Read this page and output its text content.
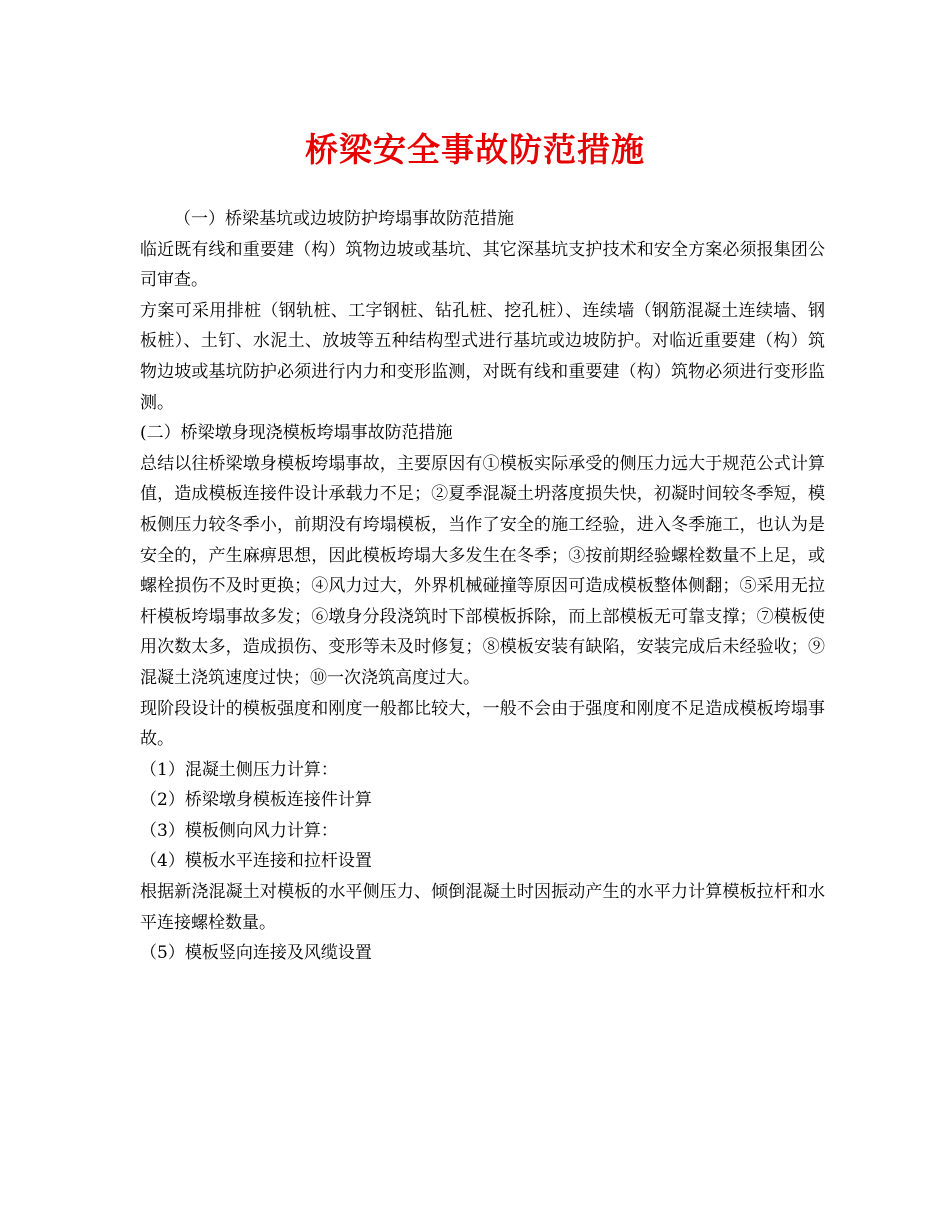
桥梁安全事故防范措施

（一）桥梁基坑或边坡防护垮塌事故防范措施

临近既有线和重要建（构）筑物边坡或基坑、其它深基坑支护技术和安全方案必须报集团公司审查。

方案可采用排桩（钢轨桩、工字钢桩、钻孔桩、挖孔桩）、连续墙（钢筋混凝土连续墙、钢板桩）、土钉、水泥土、放坡等五种结构型式进行基坑或边坡防护。对临近重要建（构）筑物边坡或基坑防护必须进行内力和变形监测，对既有线和重要建（构）筑物必须进行变形监测。

(二）桥梁墩身现浇模板垮塌事故防范措施

总结以往桥梁墩身模板垮塌事故，主要原因有①模板实际承受的侧压力远大于规范公式计算值，造成模板连接件设计承载力不足；②夏季混凝土坍落度损失快，初凝时间较冬季短，模板侧压力较冬季小，前期没有垮塌模板，当作了安全的施工经验，进入冬季施工，也认为是安全的，产生麻痹思想，因此模板垮塌大多发生在冬季；③按前期经验螺栓数量不上足，或螺栓损伤不及时更换；④风力过大，外界机械碰撞等原因可造成模板整体侧翻；⑤采用无拉杆模板垮塌事故多发；⑥墩身分段浇筑时下部模板拆除，而上部模板无可靠支撑；⑦模板使用次数太多，造成损伤、变形等未及时修复；⑧模板安装有缺陷，安装完成后未经验收；⑨混凝土浇筑速度过快；⑩一次浇筑高度过大。

现阶段设计的模板强度和刚度一般都比较大，一般不会由于强度和刚度不足造成模板垮塌事故。

（1）混凝土侧压力计算：

（2）桥梁墩身模板连接件计算

（3）模板侧向风力计算：

（4）模板水平连接和拉杆设置

根据新浇混凝土对模板的水平侧压力、倾倒混凝土时因振动产生的水平力计算模板拉杆和水平连接螺栓数量。

（5）模板竖向连接及风缆设置
